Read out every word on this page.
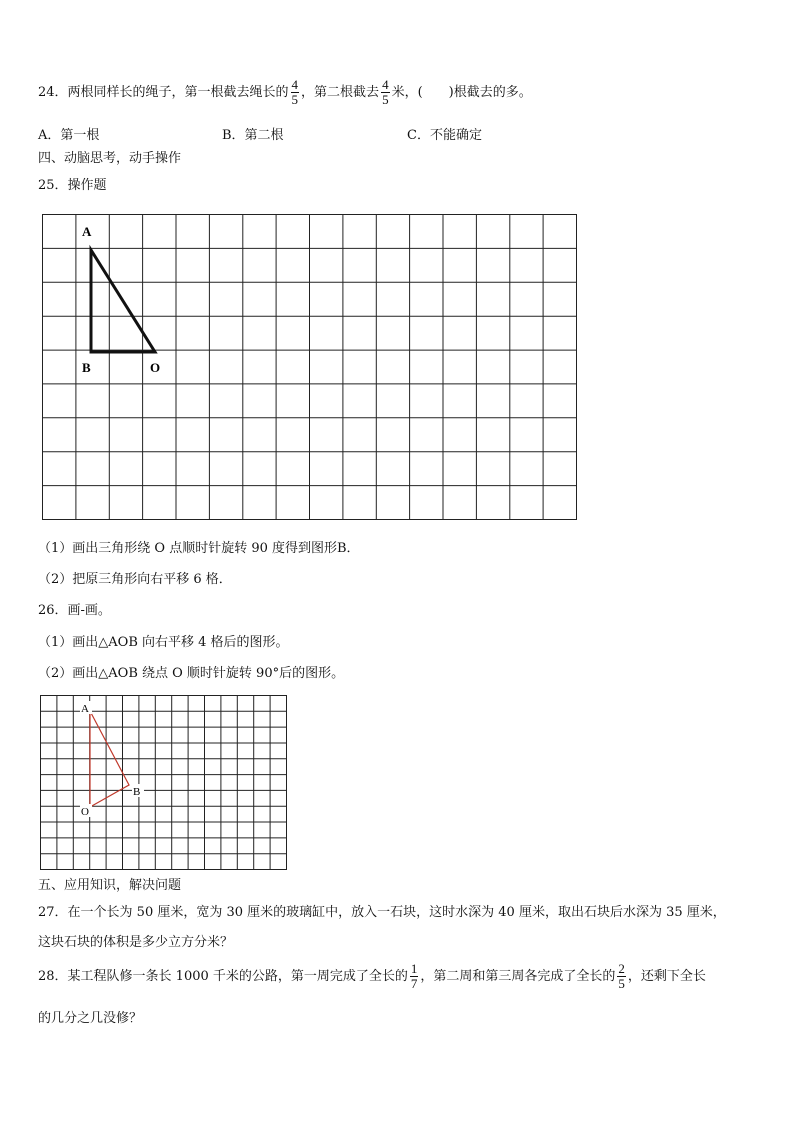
24．两根同样长的绳子，第一根截去绳长的 $\frac{4}{5}$ ，第二根截去 $\frac{4}{5}$ 米，(　　)根截去的多。
A．第一根	B．第二根	C．不能确定
四、动脑思考，动手操作
25．操作题
A
B	O
（1）画出三角形绕 O 点顺时针旋转 90 度得到图形B．
（2）把原三角形向右平移 6 格．
26．画-画。
（1）画出△AOB 向右平移 4 格后的图形。
（2）画出△AOB 绕点 O 顺时针旋转 90°后的图形。
A
B
O
五、应用知识，解决问题
27．在一个长为 50 厘米，宽为 30 厘米的玻璃缸中，放入一石块，这时水深为 40 厘米，取出石块后水深为 35 厘米，
这块石块的体积是多少立方分米？
28．某工程队修一条长 1000 千米的公路，第一周完成了全长的 $\frac{1}{7}$ ，第二周和第三周各完成了全长的 $\frac{2}{5}$ ，还剩下全长
的几分之几没修？
